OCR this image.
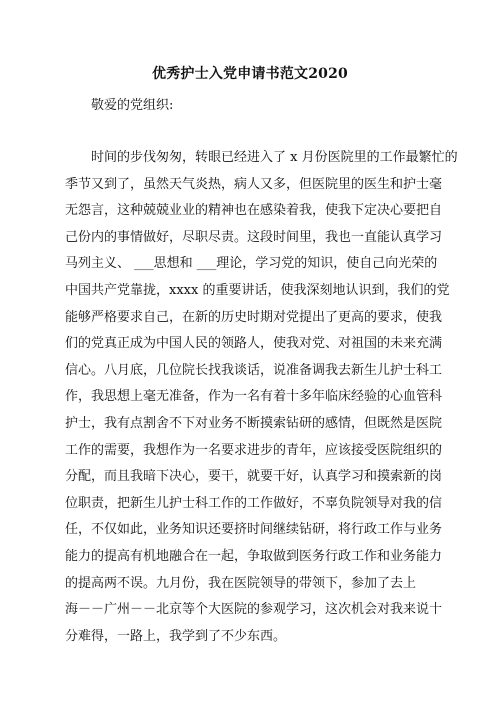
优秀护士入党申请书范文2020
敬爱的党组织:
时间的步伐匆匆，转眼已经进入了 x 月份医院里的工作最繁忙的
季节又到了，虽然天气炎热，病人又多，但医院里的医生和护士毫
无怨言，这种兢兢业业的精神也在感染着我，使我下定决心要把自
己份内的事情做好，尽职尽责。这段时间里，我也一直能认真学习
马列主义、 ___思想和 ___理论，学习党的知识，使自己向光荣的
中国共产党靠拢，xxxx 的重要讲话，使我深刻地认识到，我们的党
能够严格要求自己，在新的历史时期对党提出了更高的要求，使我
们的党真正成为中国人民的领路人，使我对党、对祖国的未来充满
信心。八月底，几位院长找我谈话，说准备调我去新生儿护士科工
作，我思想上毫无准备，作为一名有着十多年临床经验的心血管科
护士，我有点割舍不下对业务不断摸索钻研的感情，但既然是医院
工作的需要，我想作为一名要求进步的青年，应该接受医院组织的
分配，而且我暗下决心，要干，就要干好，认真学习和摸索新的岗
位职责，把新生儿护士科工作的工作做好，不辜负院领导对我的信
任，不仅如此，业务知识还要挤时间继续钻研，将行政工作与业务
能力的提高有机地融合在一起，争取做到医务行政工作和业务能力
的提高两不误。九月份，我在医院领导的带领下，参加了去上
海－－广州－－北京等个大医院的参观学习，这次机会对我来说十
分难得，一路上，我学到了不少东西。
